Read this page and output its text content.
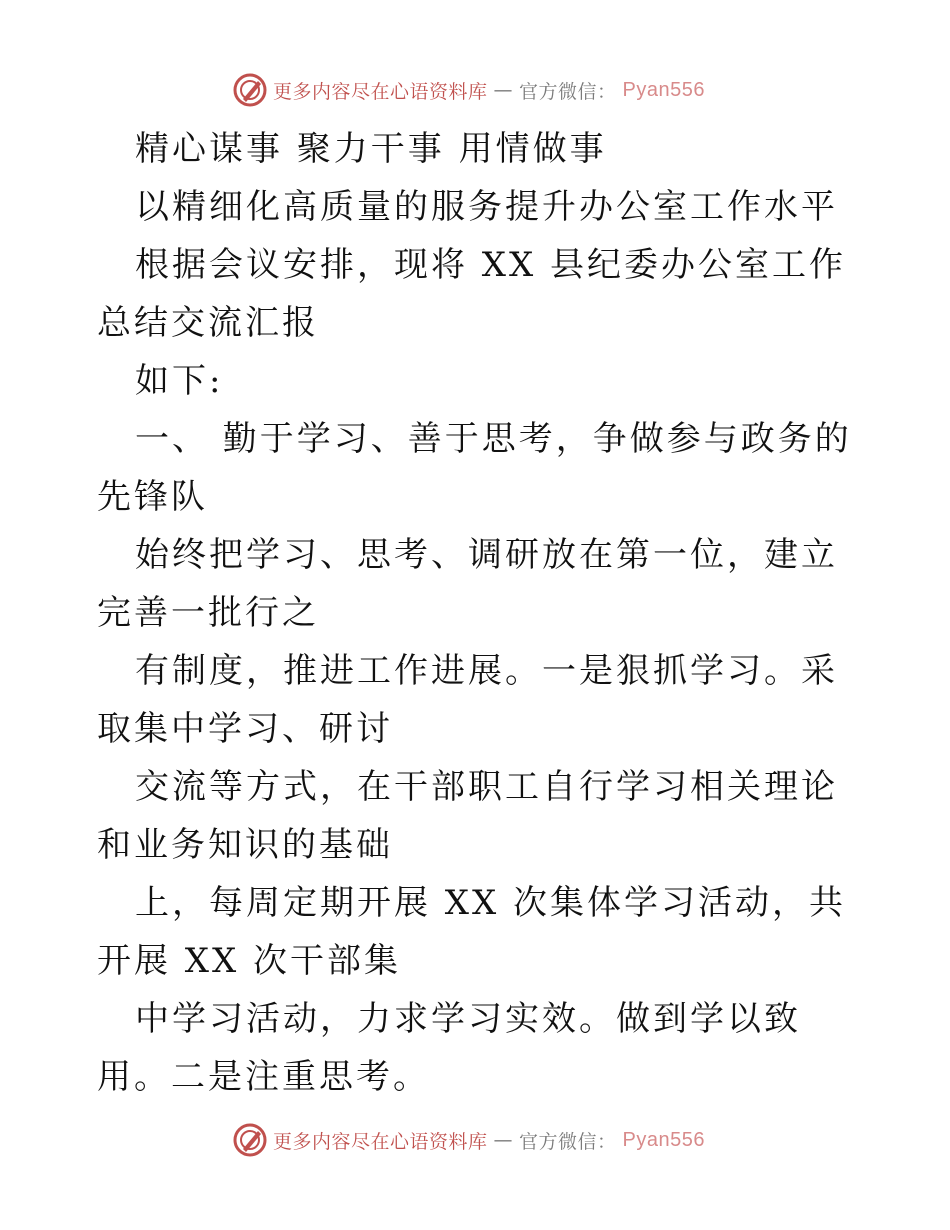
更多内容尽在心语资料库 — 官方微信： Pyan556

精心谋事 聚力干事 用情做事

以精细化高质量的服务提升办公室工作水平

根据会议安排，现将 XX 县纪委办公室工作总结交流汇报

如下:

一、 勤于学习、善于思考，争做参与政务的先锋队

始终把学习、思考、调研放在第一位，建立完善一批行之

有制度，推进工作进展。一是狠抓学习。采取集中学习、研讨

交流等方式，在干部职工自行学习相关理论和业务知识的基础

上，每周定期开展 XX 次集体学习活动，共开展 XX 次干部集

中学习活动，力求学习实效。做到学以致用。二是注重思考。

更多内容尽在心语资料库 — 官方微信： Pyan556
